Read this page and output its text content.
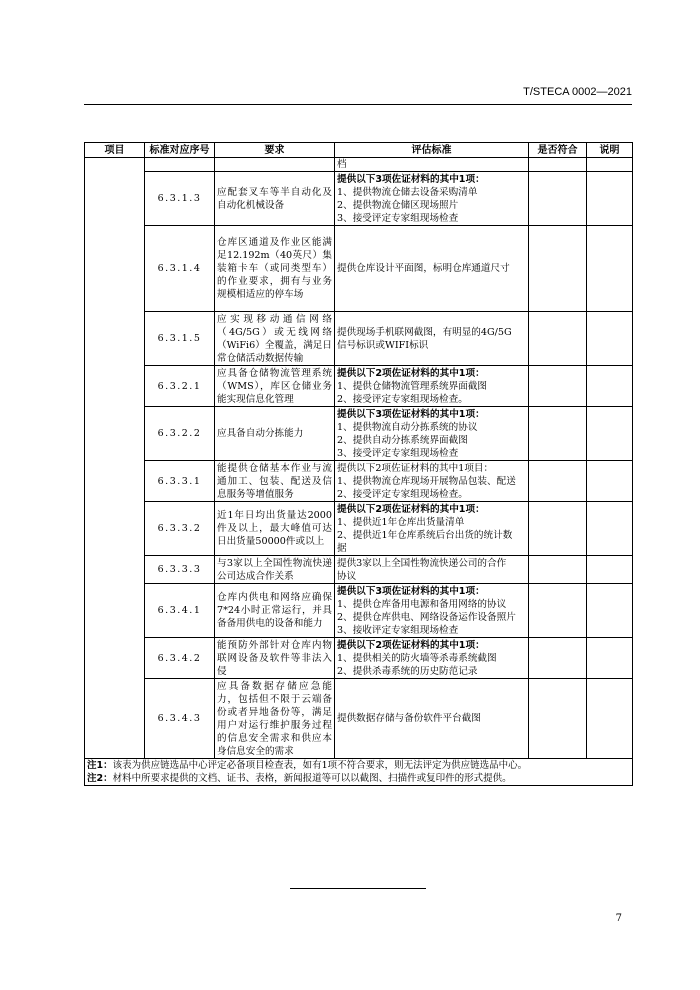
T/STECA 0002—2021
项目	标准对应序号	要求	评估标准	是否符合	说明

			档		

	6.3.1.3	应配套叉车等半自动化及自动化机械设备	提供以下3项佐证材料的其中1项：
1、提供物流仓储去设备采购清单
2、提供物流仓储区现场照片
3、接受评定专家组现场检查		

	6.3.1.4	仓库区通道及作业区能满足12.192m（40英尺）集装箱卡车（或同类型车）的作业要求，拥有与业务规模相适应的停车场	提供仓库设计平面图，标明仓库通道尺寸		

	6.3.1.5	应实现移动通信网络（4G/5G）或无线网络（WiFi6）全覆盖，满足日常仓储活动数据传输	提供现场手机联网截图，有明显的4G/5G
信号标识或WIFI标识		

	6.3.2.1	应具备仓储物流管理系统（WMS），库区仓储业务能实现信息化管理	提供以下2项佐证材料的其中1项：
1、提供仓储物流管理系统界面截图
2、接受评定专家组现场检查。		

	6.3.2.2	应具备自动分拣能力	提供以下3项佐证材料的其中1项：
1、提供物流自动分拣系统的协议
2、提供自动分拣系统界面截图
3、接受评定专家组现场检查		

	6.3.3.1	能提供仓储基本作业与流通加工、包装、配送及信息服务等增值服务	提供以下2项佐证材料的其中1项目：
1、提供物流仓库现场开展物品包装、配送
2、接受评定专家组现场检查。		

	6.3.3.2	近1年日均出货量达2000件及以上，最大峰值可达日出货量50000件或以上	提供以下2项佐证材料的其中1项：
1、提供近1年仓库出货量清单
2、提供近1年仓库系统后台出货的统计数
据		

	6.3.3.3	与3家以上全国性物流快递公司达成合作关系	提供3家以上全国性物流快递公司的合作
协议		

	6.3.4.1	仓库内供电和网络应确保7*24小时正常运行，并具备备用供电的设备和能力	提供以下3项佐证材料的其中1项：
1、提供仓库备用电源和备用网络的协议
2、提供仓库供电、网络设备运作设备照片
3、接收评定专家组现场检查		

	6.3.4.2	能预防外部针对仓库内物联网设备及软件等非法入侵	提供以下2项佐证材料的其中1项：
1、提供相关的防火墙等杀毒系统截图
2、提供杀毒系统的历史防范记录		

	6.3.4.3	应具备数据存储应急能力，包括但不限于云端备份或者异地备份等，满足用户对运行维护服务过程的信息安全需求和供应本身信息安全的需求	提供数据存储与备份软件平台截图		

注1：该表为供应链选品中心评定必备项目检查表，如有1项不符合要求，则无法评定为供应链选品中心。
注2：材料中所要求提供的文档、证书、表格，新闻报道等可以以截图、扫描件或复印件的形式提供。					
7
